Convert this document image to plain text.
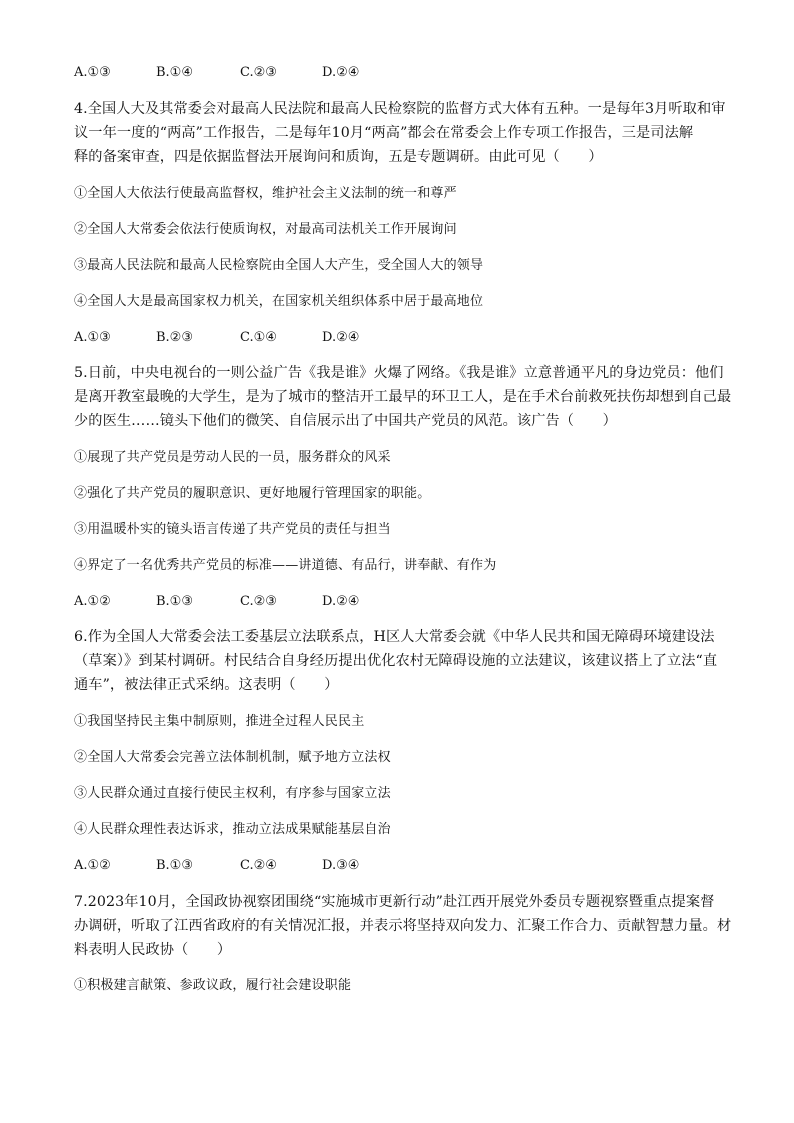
A.①③	B.①④	C.②③	D.②④
4.全国人大及其常委会对最高人民法院和最高人民检察院的监督方式大体有五种。一是每年3月听取和审
议一年一度的“两高”工作报告，二是每年10月“两高”都会在常委会上作专项工作报告，三是司法解
释的备案审查，四是依据监督法开展询问和质询，五是专题调研。由此可见（　　）
①全国人大依法行使最高监督权，维护社会主义法制的统一和尊严
②全国人大常委会依法行使质询权，对最高司法机关工作开展询问
③最高人民法院和最高人民检察院由全国人大产生，受全国人大的领导
④全国人大是最高国家权力机关，在国家机关组织体系中居于最高地位
A.①③	B.②③	C.①④	D.②④
5.日前，中央电视台的一则公益广告《我是谁》火爆了网络。《我是谁》立意普通平凡的身边党员：他们
是离开教室最晚的大学生，是为了城市的整洁开工最早的环卫工人，是在手术台前救死扶伤却想到自己最
少的医生……镜头下他们的微笑、自信展示出了中国共产党员的风范。该广告（　　）
①展现了共产党员是劳动人民的一员，服务群众的风采
②强化了共产党员的履职意识、更好地履行管理国家的职能。
③用温暖朴实的镜头语言传递了共产党员的责任与担当
④界定了一名优秀共产党员的标准——讲道德、有品行，讲奉献、有作为
A.①②	B.①③	C.②③	D.②④
6.作为全国人大常委会法工委基层立法联系点，H区人大常委会就《中华人民共和国无障碍环境建设法
（草案）》到某村调研。村民结合自身经历提出优化农村无障碍设施的立法建议，该建议搭上了立法“直
通车”，被法律正式采纳。这表明（　　）
①我国坚持民主集中制原则，推进全过程人民民主
②全国人大常委会完善立法体制机制，赋予地方立法权
③人民群众通过直接行使民主权利，有序参与国家立法
④人民群众理性表达诉求，推动立法成果赋能基层自治
A.①②	B.①③	C.②④	D.③④
7.2023年10月，全国政协视察团围绕“实施城市更新行动”赴江西开展党外委员专题视察暨重点提案督
办调研，听取了江西省政府的有关情况汇报，并表示将坚持双向发力、汇聚工作合力、贡献智慧力量。材
料表明人民政协（　　）
①积极建言献策、参政议政，履行社会建设职能
